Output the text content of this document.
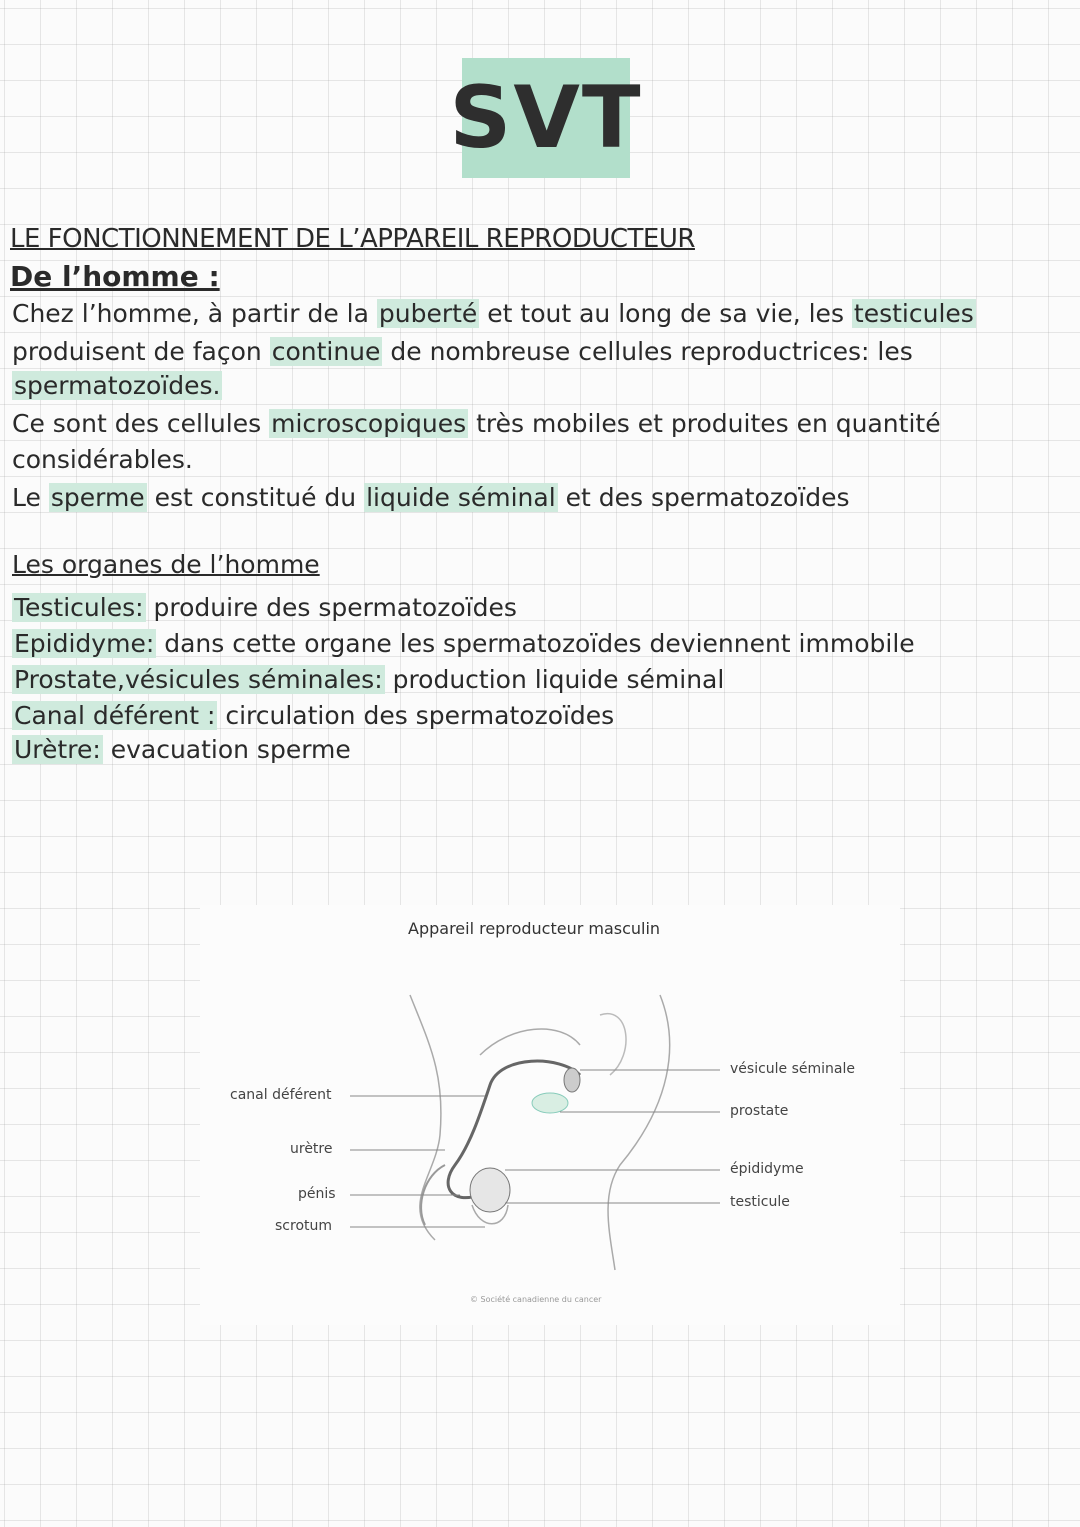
SVT
LE FONCTIONNEMENT DE L’APPAREIL REPRODUCTEUR
De l’homme :

Chez l’homme, à partir de la puberté et tout au long de sa vie, les testicules

produisent de façon continue de nombreuse cellules reproductrices: les

spermatozoïdes.

Ce sont des cellules microscopiques très mobiles et produites en quantité

considérables.

Le sperme est constitué du liquide séminal et des spermatozoïdes

Les organes de l’homme

Testicules: produire des spermatozoïdes

Epididyme: dans cette organe les spermatozoïdes deviennent immobile

Prostate,vésicules séminales: production liquide séminal

Canal déférent : circulation des spermatozoïdes

Urètre: evacuation sperme

Appareil reproducteur masculin
canal déférent
urètre
pénis
scrotum
vésicule séminale
prostate
épididyme
testicule
© Société canadienne du cancer
